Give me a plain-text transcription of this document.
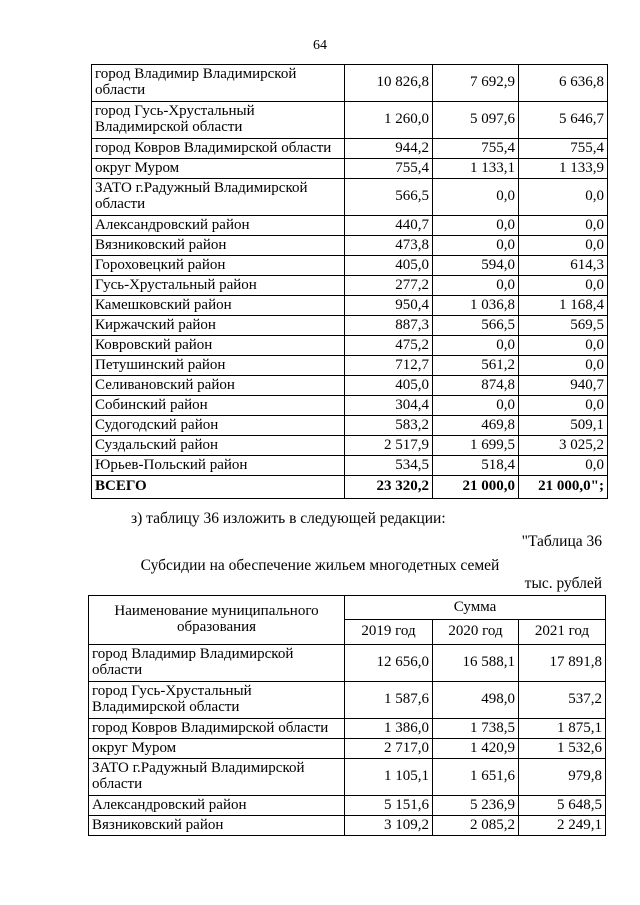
64
город Владимир Владимирской области	10 826,8	7 692,9	6 636,8
город Гусь-Хрустальный Владимирской области	1 260,0	5 097,6	5 646,7
город Ковров Владимирской области	944,2	755,4	755,4
округ Муром	755,4	1 133,1	1 133,9
ЗАТО г.Радужный Владимирской области	566,5	0,0	0,0
Александровский район	440,7	0,0	0,0
Вязниковский район	473,8	0,0	0,0
Гороховецкий район	405,0	594,0	614,3
Гусь-Хрустальный район	277,2	0,0	0,0
Камешковский район	950,4	1 036,8	1 168,4
Киржачский район	887,3	566,5	569,5
Ковровский район	475,2	0,0	0,0
Петушинский район	712,7	561,2	0,0
Селивановский район	405,0	874,8	940,7
Собинский район	304,4	0,0	0,0
Судогодский район	583,2	469,8	509,1
Суздальский район	2 517,9	1 699,5	3 025,2
Юрьев-Польский район	534,5	518,4	0,0
ВСЕГО	23 320,2	21 000,0	21 000,0";
з) таблицу 36 изложить в следующей редакции:
"Таблица 36
Субсидии на обеспечение жильем многодетных семей
тыс. рублей
Наименование муниципального образования	Сумма		
	2019 год	2020 год	2021 год
город Владимир Владимирской области	12 656,0	16 588,1	17 891,8
город Гусь-Хрустальный Владимирской области	1 587,6	498,0	537,2
город Ковров Владимирской области	1 386,0	1 738,5	1 875,1
округ Муром	2 717,0	1 420,9	1 532,6
ЗАТО г.Радужный Владимирской области	1 105,1	1 651,6	979,8
Александровский район	5 151,6	5 236,9	5 648,5
Вязниковский район	3 109,2	2 085,2	2 249,1
